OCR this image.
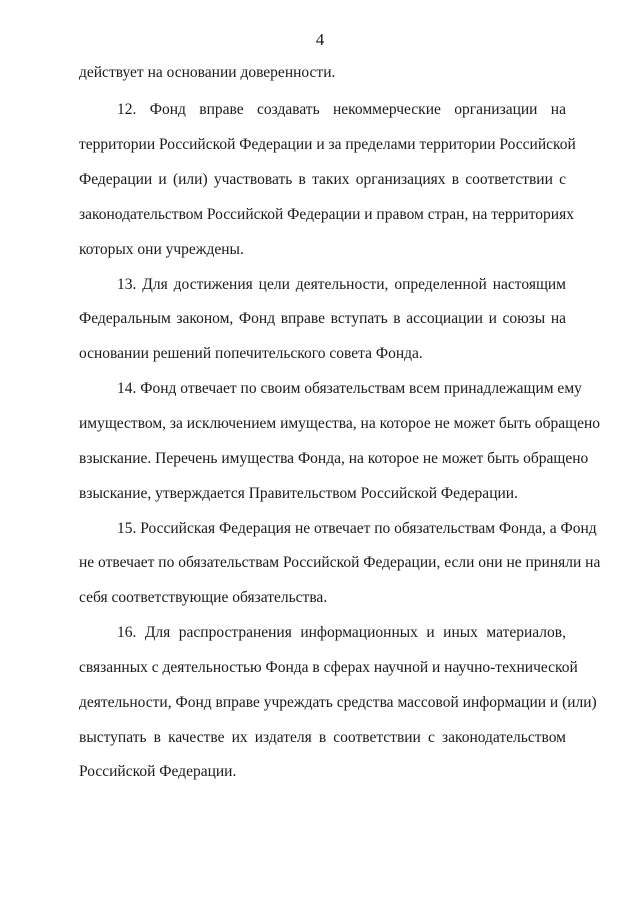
4
действует на основании доверенности.
12. Фонд вправе создавать некоммерческие организации на
территории Российской Федерации и за пределами территории Российской
Федерации и (или) участвовать в таких организациях в соответствии с
законодательством Российской Федерации и правом стран, на территориях
которых они учреждены.
13. Для достижения цели деятельности, определенной настоящим
Федеральным законом, Фонд вправе вступать в ассоциации и союзы на
основании решений попечительского совета Фонда.
14. Фонд отвечает по своим обязательствам всем принадлежащим ему
имуществом, за исключением имущества, на которое не может быть обращено
взыскание. Перечень имущества Фонда, на которое не может быть обращено
взыскание, утверждается Правительством Российской Федерации.
15. Российская Федерация не отвечает по обязательствам Фонда, а Фонд
не отвечает по обязательствам Российской Федерации, если они не приняли на
себя соответствующие обязательства.
16. Для распространения информационных и иных материалов,
связанных с деятельностью Фонда в сферах научной и научно-технической
деятельности, Фонд вправе учреждать средства массовой информации и (или)
выступать в качестве их издателя в соответствии с законодательством
Российской Федерации.
